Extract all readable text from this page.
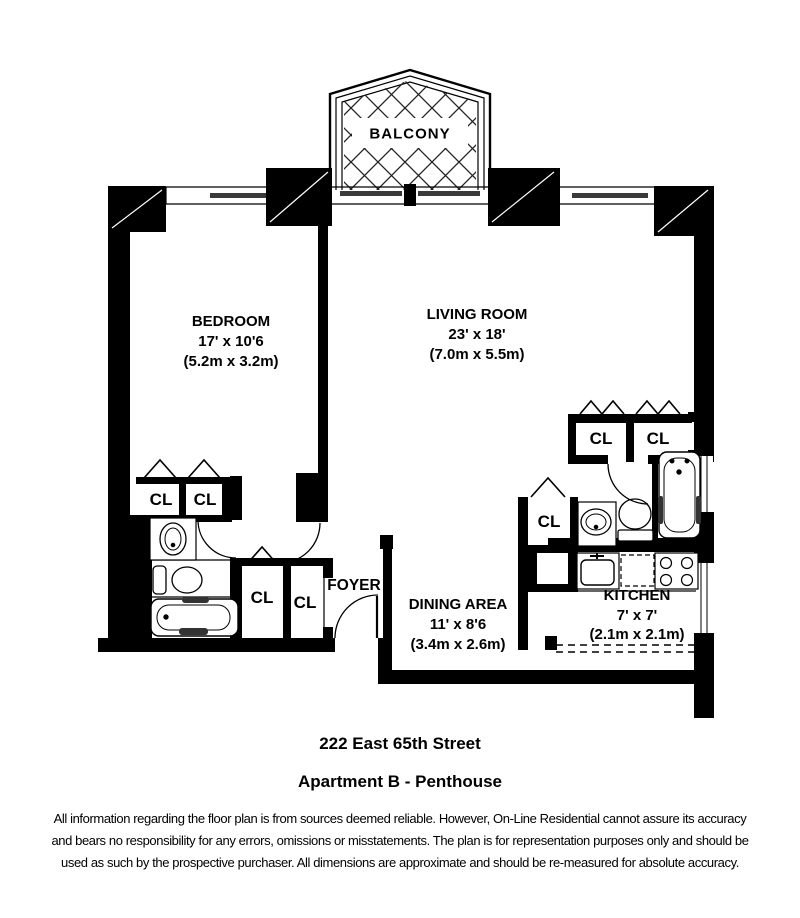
BALCONY
BEDROOM
17' x 10'6
(5.2m x 3.2m)
LIVING ROOM
23' x 18'
(7.0m x 5.5m)
DINING AREA
11' x 8'6
(3.4m x 2.6m)
KITCHEN
7' x 7'
(2.1m x 2.1m)
FOYER
CL CL
CL CL
CL
CL CL
222 East 65th Street
Apartment B - Penthouse
All information regarding the floor plan is from sources deemed reliable. However, On-Line Residential cannot assure its accuracy
and bears no responsibility for any errors, omissions or misstatements. The plan is for representation purposes only and should be
used as such by the prospective purchaser. All dimensions are approximate and should be re-measured for absolute accuracy.
